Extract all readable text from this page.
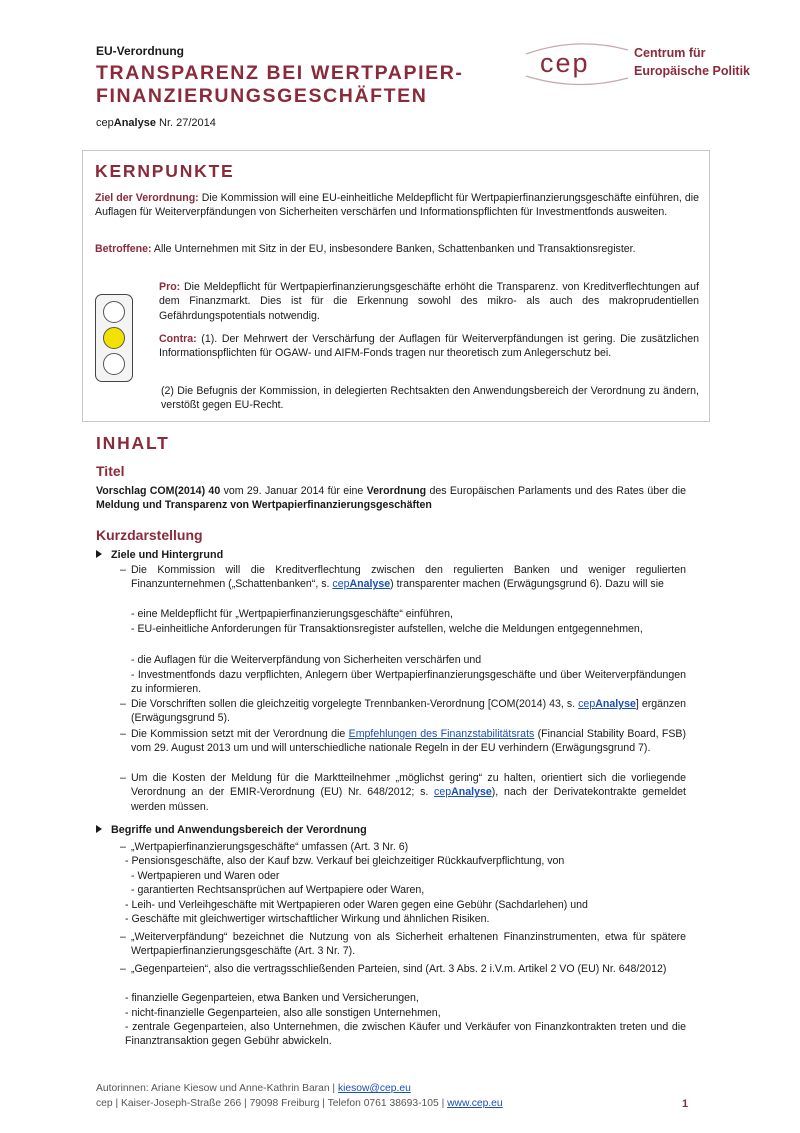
EU-Verordnung
TRANSPARENZ BEI WERTPAPIER-
FINANZIERUNGSGESCHÄFTEN
cepAnalyse Nr. 27/2014
cep	Centrum für
Europäische Politik
KERNPUNKTE

Ziel der Verordnung: Die Kommission will eine EU-einheitliche Meldepflicht für Wertpapierfinanzierungsgeschäfte einführen, die Auflagen für Weiterverpfändungen von Sicherheiten verschärfen und Informationspflichten für Investmentfonds ausweiten.

Betroffene: Alle Unternehmen mit Sitz in der EU, insbesondere Banken, Schattenbanken und Transaktionsregister.

Pro: Die Meldepflicht für Wertpapierfinanzierungsgeschäfte erhöht die Transparenz. von Kreditverflechtungen auf dem Finanzmarkt. Dies ist für die Erkennung sowohl des mikro- als auch des makroprudentiellen Gefährdungspotentials notwendig.

Contra: (1). Der Mehrwert der Verschärfung der Auflagen für Weiterverpfändungen ist gering. Die zusätzlichen Informationspflichten für OGAW- und AIFM-Fonds tragen nur theoretisch zum Anlegerschutz bei.

(2) Die Befugnis der Kommission, in delegierten Rechtsakten den Anwendungsbereich der Verordnung zu ändern, verstößt gegen EU-Recht.

INHALT
Titel

Vorschlag COM(2014) 40 vom 29. Januar 2014 für eine Verordnung des Europäischen Parlaments und des Rates über die Meldung und Transparenz von Wertpapierfinanzierungsgeschäften

Kurzdarstellung
Ziele und Hintergrund
– Die Kommission will die Kreditverflechtung zwischen den regulierten Banken und weniger regulierten Finanzunternehmen („Schattenbanken“, s. cepAnalyse) transparenter machen (Erwägungsgrund 6). Dazu will sie

- eine Meldepflicht für „Wertpapierfinanzierungsgeschäfte“ einführen,

- EU-einheitliche Anforderungen für Transaktionsregister aufstellen, welche die Meldungen entgegennehmen,

- die Auflagen für die Weiterverpfändung von Sicherheiten verschärfen und

- Investmentfonds dazu verpflichten, Anlegern über Wertpapierfinanzierungsgeschäfte und über Weiterverpfändungen zu informieren.

– Die Vorschriften sollen die gleichzeitig vorgelegte Trennbanken-Verordnung [COM(2014) 43, s. cepAnalyse] ergänzen (Erwägungsgrund 5).

– Die Kommission setzt mit der Verordnung die Empfehlungen des Finanzstabilitätsrats (Financial Stability Board, FSB) vom 29. August 2013 um und will unterschiedliche nationale Regeln in der EU verhindern (Erwägungsgrund 7).

– Um die Kosten der Meldung für die Marktteilnehmer „möglichst gering“ zu halten, orientiert sich die vorliegende Verordnung an der EMIR-Verordnung (EU) Nr. 648/2012; s. cepAnalyse), nach der Derivatekontrakte gemeldet werden müssen.

Begriffe und Anwendungsbereich der Verordnung
– „Wertpapierfinanzierungsgeschäfte“ umfassen (Art. 3 Nr. 6)

- Pensionsgeschäfte, also der Kauf bzw. Verkauf bei gleichzeitiger Rückkaufverpflichtung, von

- Wertpapieren und Waren oder

- garantierten Rechtsansprüchen auf Wertpapiere oder Waren,

- Leih- und Verleihgeschäfte mit Wertpapieren oder Waren gegen eine Gebühr (Sachdarlehen) und

- Geschäfte mit gleichwertiger wirtschaftlicher Wirkung und ähnlichen Risiken.

– „Weiterverpfändung“ bezeichnet die Nutzung von als Sicherheit erhaltenen Finanzinstrumenten, etwa für spätere Wertpapierfinanzierungsgeschäfte (Art. 3 Nr. 7).

– „Gegenparteien“, also die vertragsschließenden Parteien, sind (Art. 3 Abs. 2 i.V.m. Artikel 2 VO (EU) Nr. 648/2012)

- finanzielle Gegenparteien, etwa Banken und Versicherungen,

- nicht-finanzielle Gegenparteien, also alle sonstigen Unternehmen,

- zentrale Gegenparteien, also Unternehmen, die zwischen Käufer und Verkäufer von Finanzkontrakten treten und die Finanztransaktion gegen Gebühr abwickeln.

Autorinnen: Ariane Kiesow und Anne-Kathrin Baran | kiesow@cep.eu
cep | Kaiser-Joseph-Straße 266 | 79098 Freiburg | Telefon 0761 38693-105 | www.cep.eu	1
